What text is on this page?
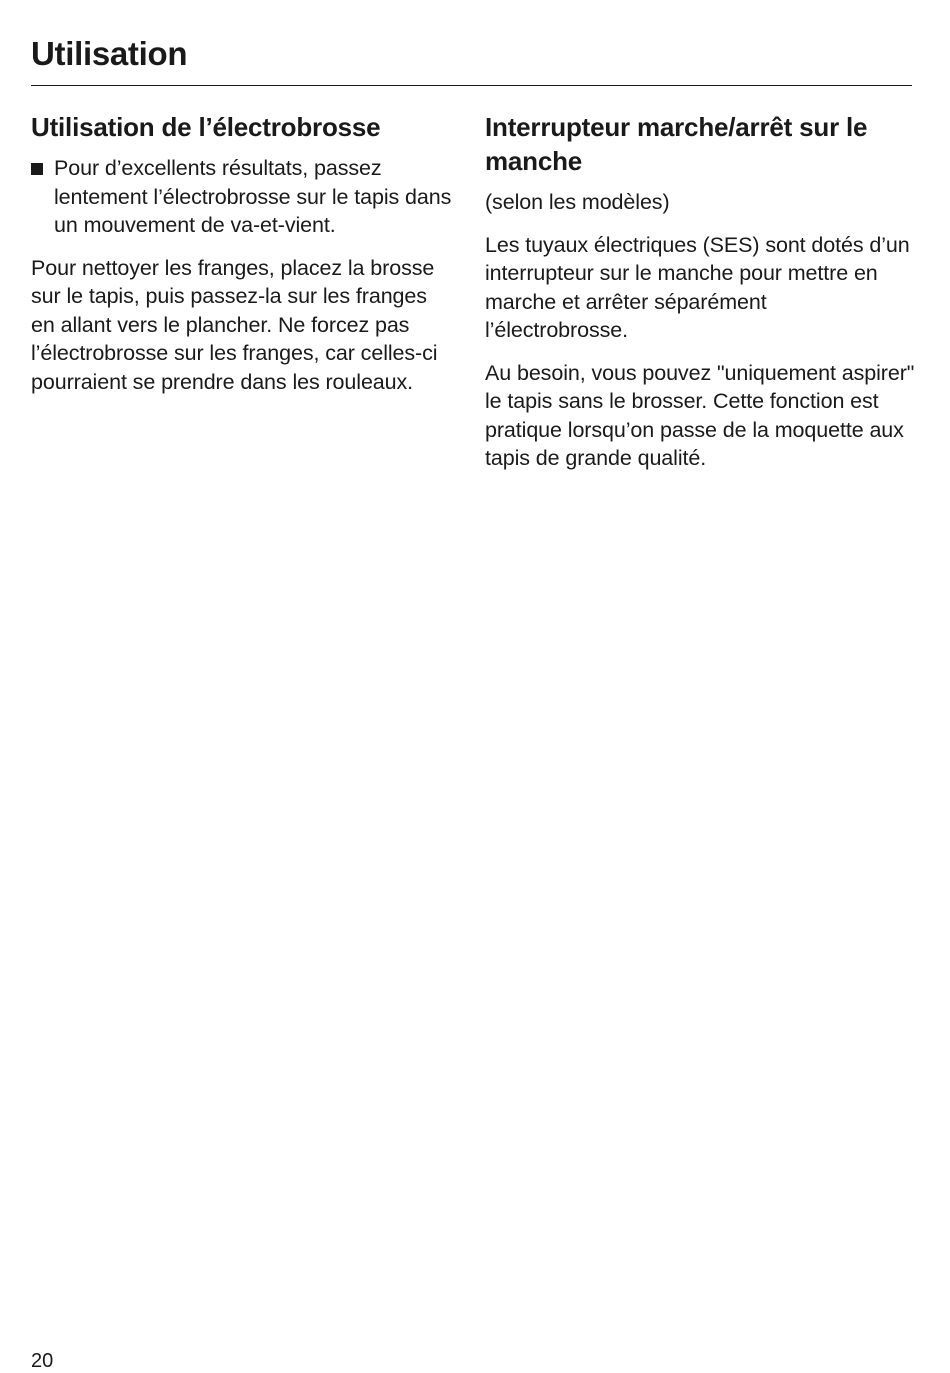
Utilisation
Utilisation de l’électrobrosse
Pour d’excellents résultats, passez lentement l’électrobrosse sur le tapis dans un mouvement de va-et-vient.

Pour nettoyer les franges, placez la brosse sur le tapis, puis passez-la sur les franges en allant vers le plancher. Ne forcez pas l’électrobrosse sur les franges, car celles-ci pourraient se prendre dans les rouleaux.

Interrupteur marche/arrêt sur le manche

(selon les modèles)

Les tuyaux électriques (SES) sont dotés d’un interrupteur sur le manche pour mettre en marche et arrêter séparément l’électrobrosse.

Au besoin, vous pouvez "uniquement aspirer" le tapis sans le brosser. Cette fonction est pratique lorsqu’on passe de la moquette aux tapis de grande qualité.

20
